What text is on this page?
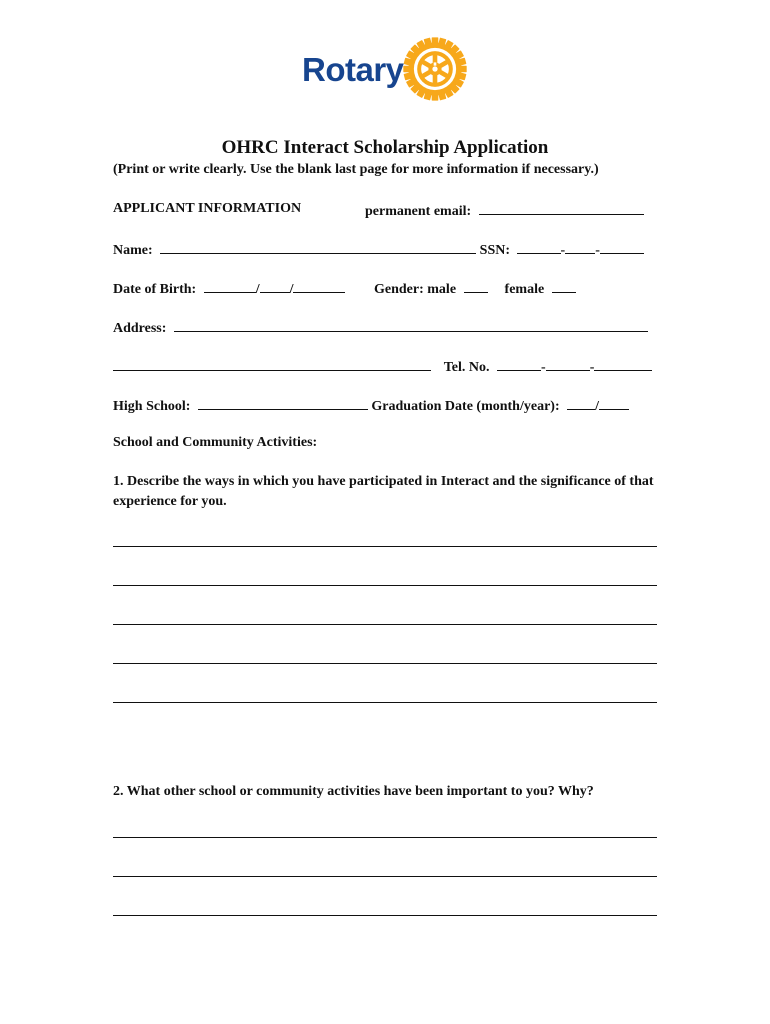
Rotary
OHRC Interact Scholarship Application
(Print or write clearly. Use the blank last page for more information if necessary.)
APPLICANT INFORMATION	permanent email:
Name:	SSN:	- -
Date of Birth:	/ /	Gender: male	female
Address:
Tel. No.	-	-
High School:	Graduation Date (month/year):	/
School and Community Activities:
1. Describe the ways in which you have participated in Interact and the significance of that experience for you.
2. What other school or community activities have been important to you? Why?
